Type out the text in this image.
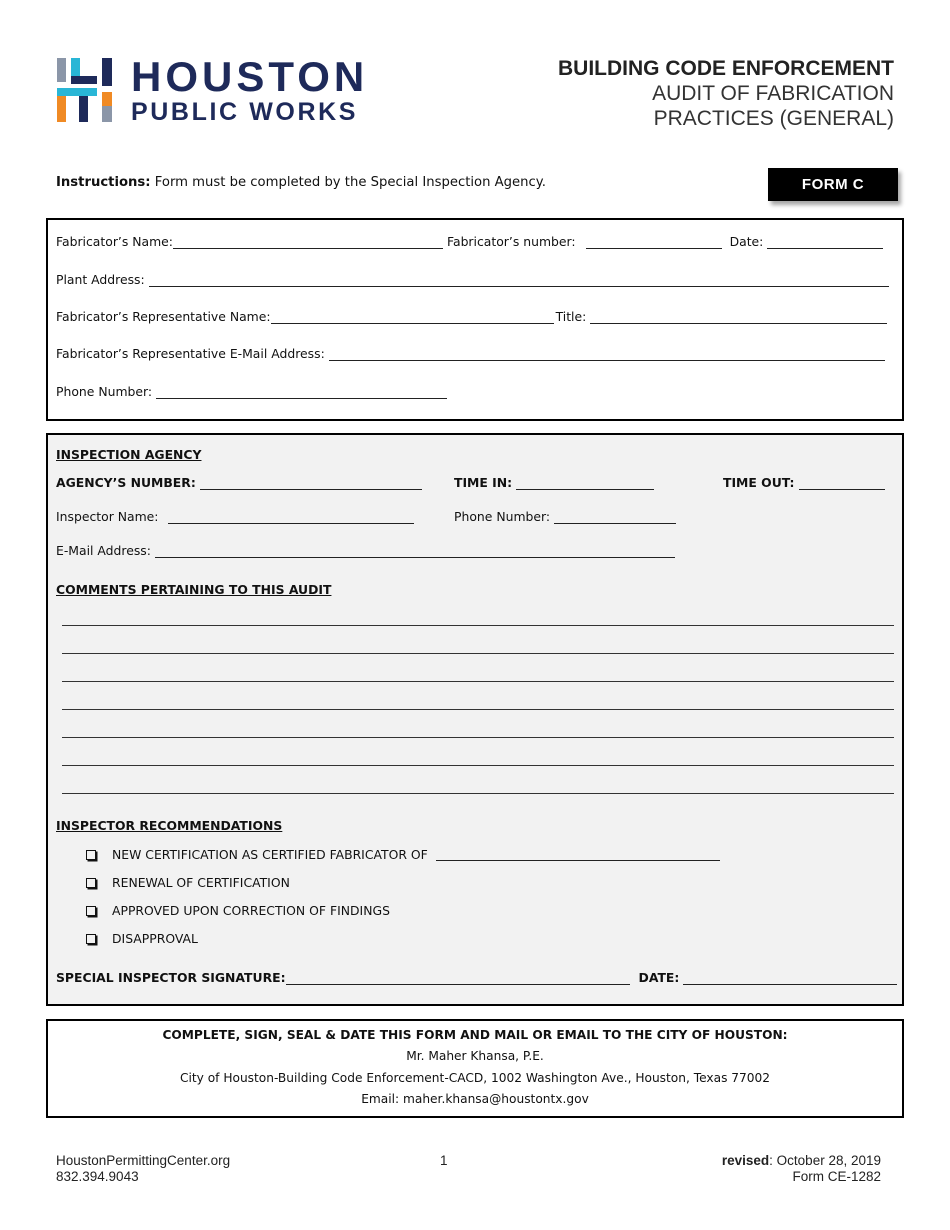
HOUSTON
PUBLIC WORKS
BUILDING CODE ENFORCEMENT
AUDIT OF FABRICATION
PRACTICES (GENERAL)
Instructions: Form must be completed by the Special Inspection Agency.	FORM C
Fabricator’s Name:	Fabricator’s number:	Date:
Plant Address:
Fabricator’s Representative Name:	Title:
Fabricator’s Representative E-Mail Address:
Phone Number:
INSPECTION AGENCY
AGENCY’S NUMBER:	TIME IN:	TIME OUT:
Inspector Name:	Phone Number:
E-Mail Address:
COMMENTS PERTAINING TO THIS AUDIT
INSPECTOR RECOMMENDATIONS
NEW CERTIFICATION AS CERTIFIED FABRICATOR OF
RENEWAL OF CERTIFICATION
APPROVED UPON CORRECTION OF FINDINGS
DISAPPROVAL
SPECIAL INSPECTOR SIGNATURE:	DATE:
COMPLETE, SIGN, SEAL & DATE THIS FORM AND MAIL OR EMAIL TO THE CITY OF HOUSTON:
Mr. Maher Khansa, P.E.
City of Houston-Building Code Enforcement-CACD, 1002 Washington Ave., Houston, Texas 77002
Email: maher.khansa@houstontx.gov
HoustonPermittingCenter.org
832.394.9043
1	revised: October 28, 2019
Form CE-1282
